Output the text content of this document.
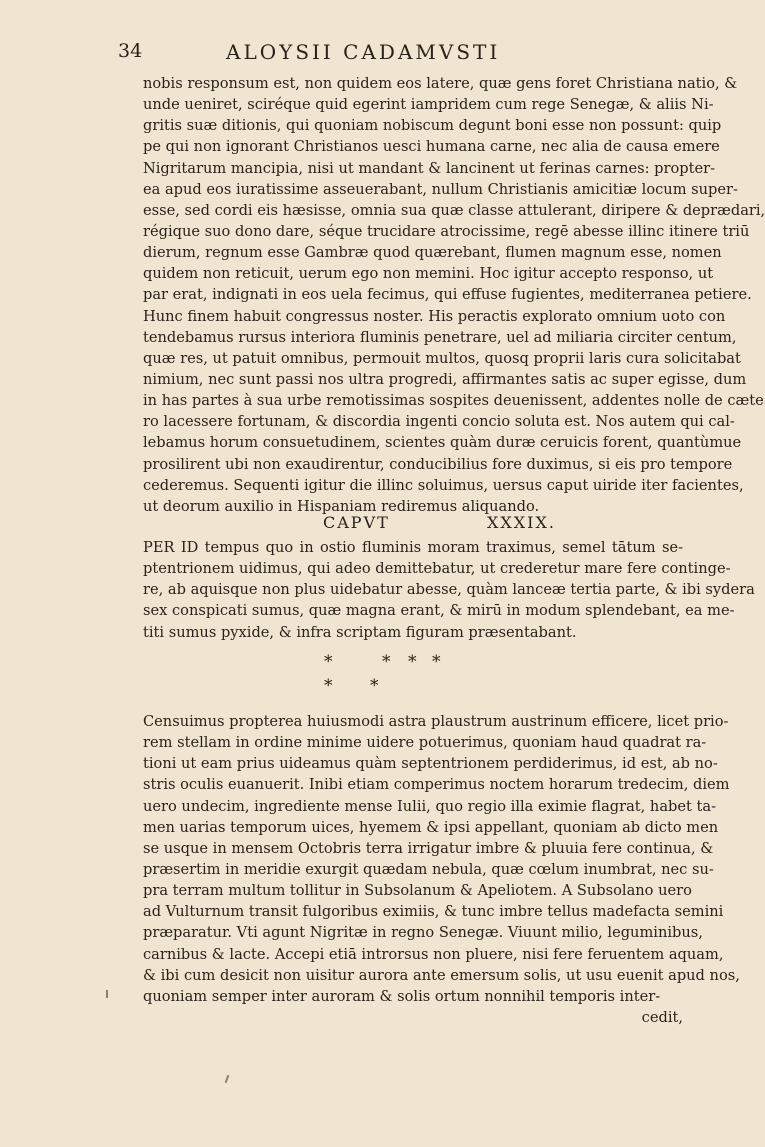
34	ALOYSII CADAMVSTI
nobis responsum est, non quidem eos latere, quæ gens foret Christiana natio, &
unde ueniret, sciréque quid egerint iampridem cum rege Senegæ, & aliis Ni-
gritis suæ ditionis, qui quoniam nobiscum degunt boni esse non possunt: quip
pe qui non ignorant Christianos uesci humana carne, nec alia de causa emere
Nigritarum mancipia, nisi ut mandant & lancinent ut ferinas carnes: propter-
ea apud eos iuratissime asseuerabant, nullum Christianis amicitiæ locum super-
esse, sed cordi eis hæsisse, omnia sua quæ classe attulerant, diripere & deprædari,
régique suo dono dare, séque trucidare atrocissime, regē abesse illinc itinere triū
dierum, regnum esse Gambræ quod quærebant, flumen magnum esse, nomen
quidem non reticuit, uerum ego non memini. Hoc igitur accepto responso, ut
par erat, indignati in eos uela fecimus, qui effuse fugientes, mediterranea petiere.
Hunc finem habuit congressus noster. His peractis explorato omnium uoto con
tendebamus rursus interiora fluminis penetrare, uel ad miliaria circiter centum,
quæ res, ut patuit omnibus, permouit multos, quosq proprii laris cura solicitabat
nimium, nec sunt passi nos ultra progredi, affirmantes satis ac super egisse, dum
in has partes à sua urbe remotissimas sospites deuenissent, addentes nolle de cæte
ro lacessere fortunam, & discordia ingenti concio soluta est. Nos autem qui cal-
lebamus horum consuetudinem, scientes quàm duræ ceruicis forent, quantùmue
prosilirent ubi non exaudirentur, conducibilius fore duximus, si eis pro tempore
cederemus. Sequenti igitur die illinc soluimus, uersus caput uiride iter facientes,
ut deorum auxilio in Hispaniam rediremus aliquando.
CAPVT	XXXIX.
PER ID tempus quo in ostio fluminis moram traximus, semel tātum se-
ptentrionem uidimus, qui adeo demittebatur, ut crederetur mare fere continge-
re, ab aquisque non plus uidebatur abesse, quàm lanceæ tertia parte, & ibi sydera
sex conspicati sumus, quæ magna erant, & mirū in modum splendebant, ea me-
titi sumus pyxide, & infra scriptam figuram præsentabant.
*	* * *
* *
Censuimus propterea huiusmodi astra plaustrum austrinum efficere, licet prio-
rem stellam in ordine minime uidere potuerimus, quoniam haud quadrat ra-
tioni ut eam prius uideamus quàm septentrionem perdiderimus, id est, ab no-
stris oculis euanuerit. Inibi etiam comperimus noctem horarum tredecim, diem
uero undecim, ingrediente mense Iulii, quo regio illa eximie flagrat, habet ta-
men uarias temporum uices, hyemem & ipsi appellant, quoniam ab dicto men
se usque in mensem Octobris terra irrigatur imbre & pluuia fere continua, &
præsertim in meridie exurgit quædam nebula, quæ cœlum inumbrat, nec su-
pra terram multum tollitur in Subsolanum & Apeliotem. A Subsolano uero
ad Vulturnum transit fulgoribus eximiis, & tunc imbre tellus madefacta semini
præparatur. Vti agunt Nigritæ in regno Senegæ. Viuunt milio, leguminibus,
carnibus & lacte. Accepi etiā introrsus non pluere, nisi fere feruentem aquam,
& ibi cum desicit non uisitur aurora ante emersum solis, ut usu euenit apud nos,
quoniam semper inter auroram & solis ortum nonnihil temporis inter-
cedit,
